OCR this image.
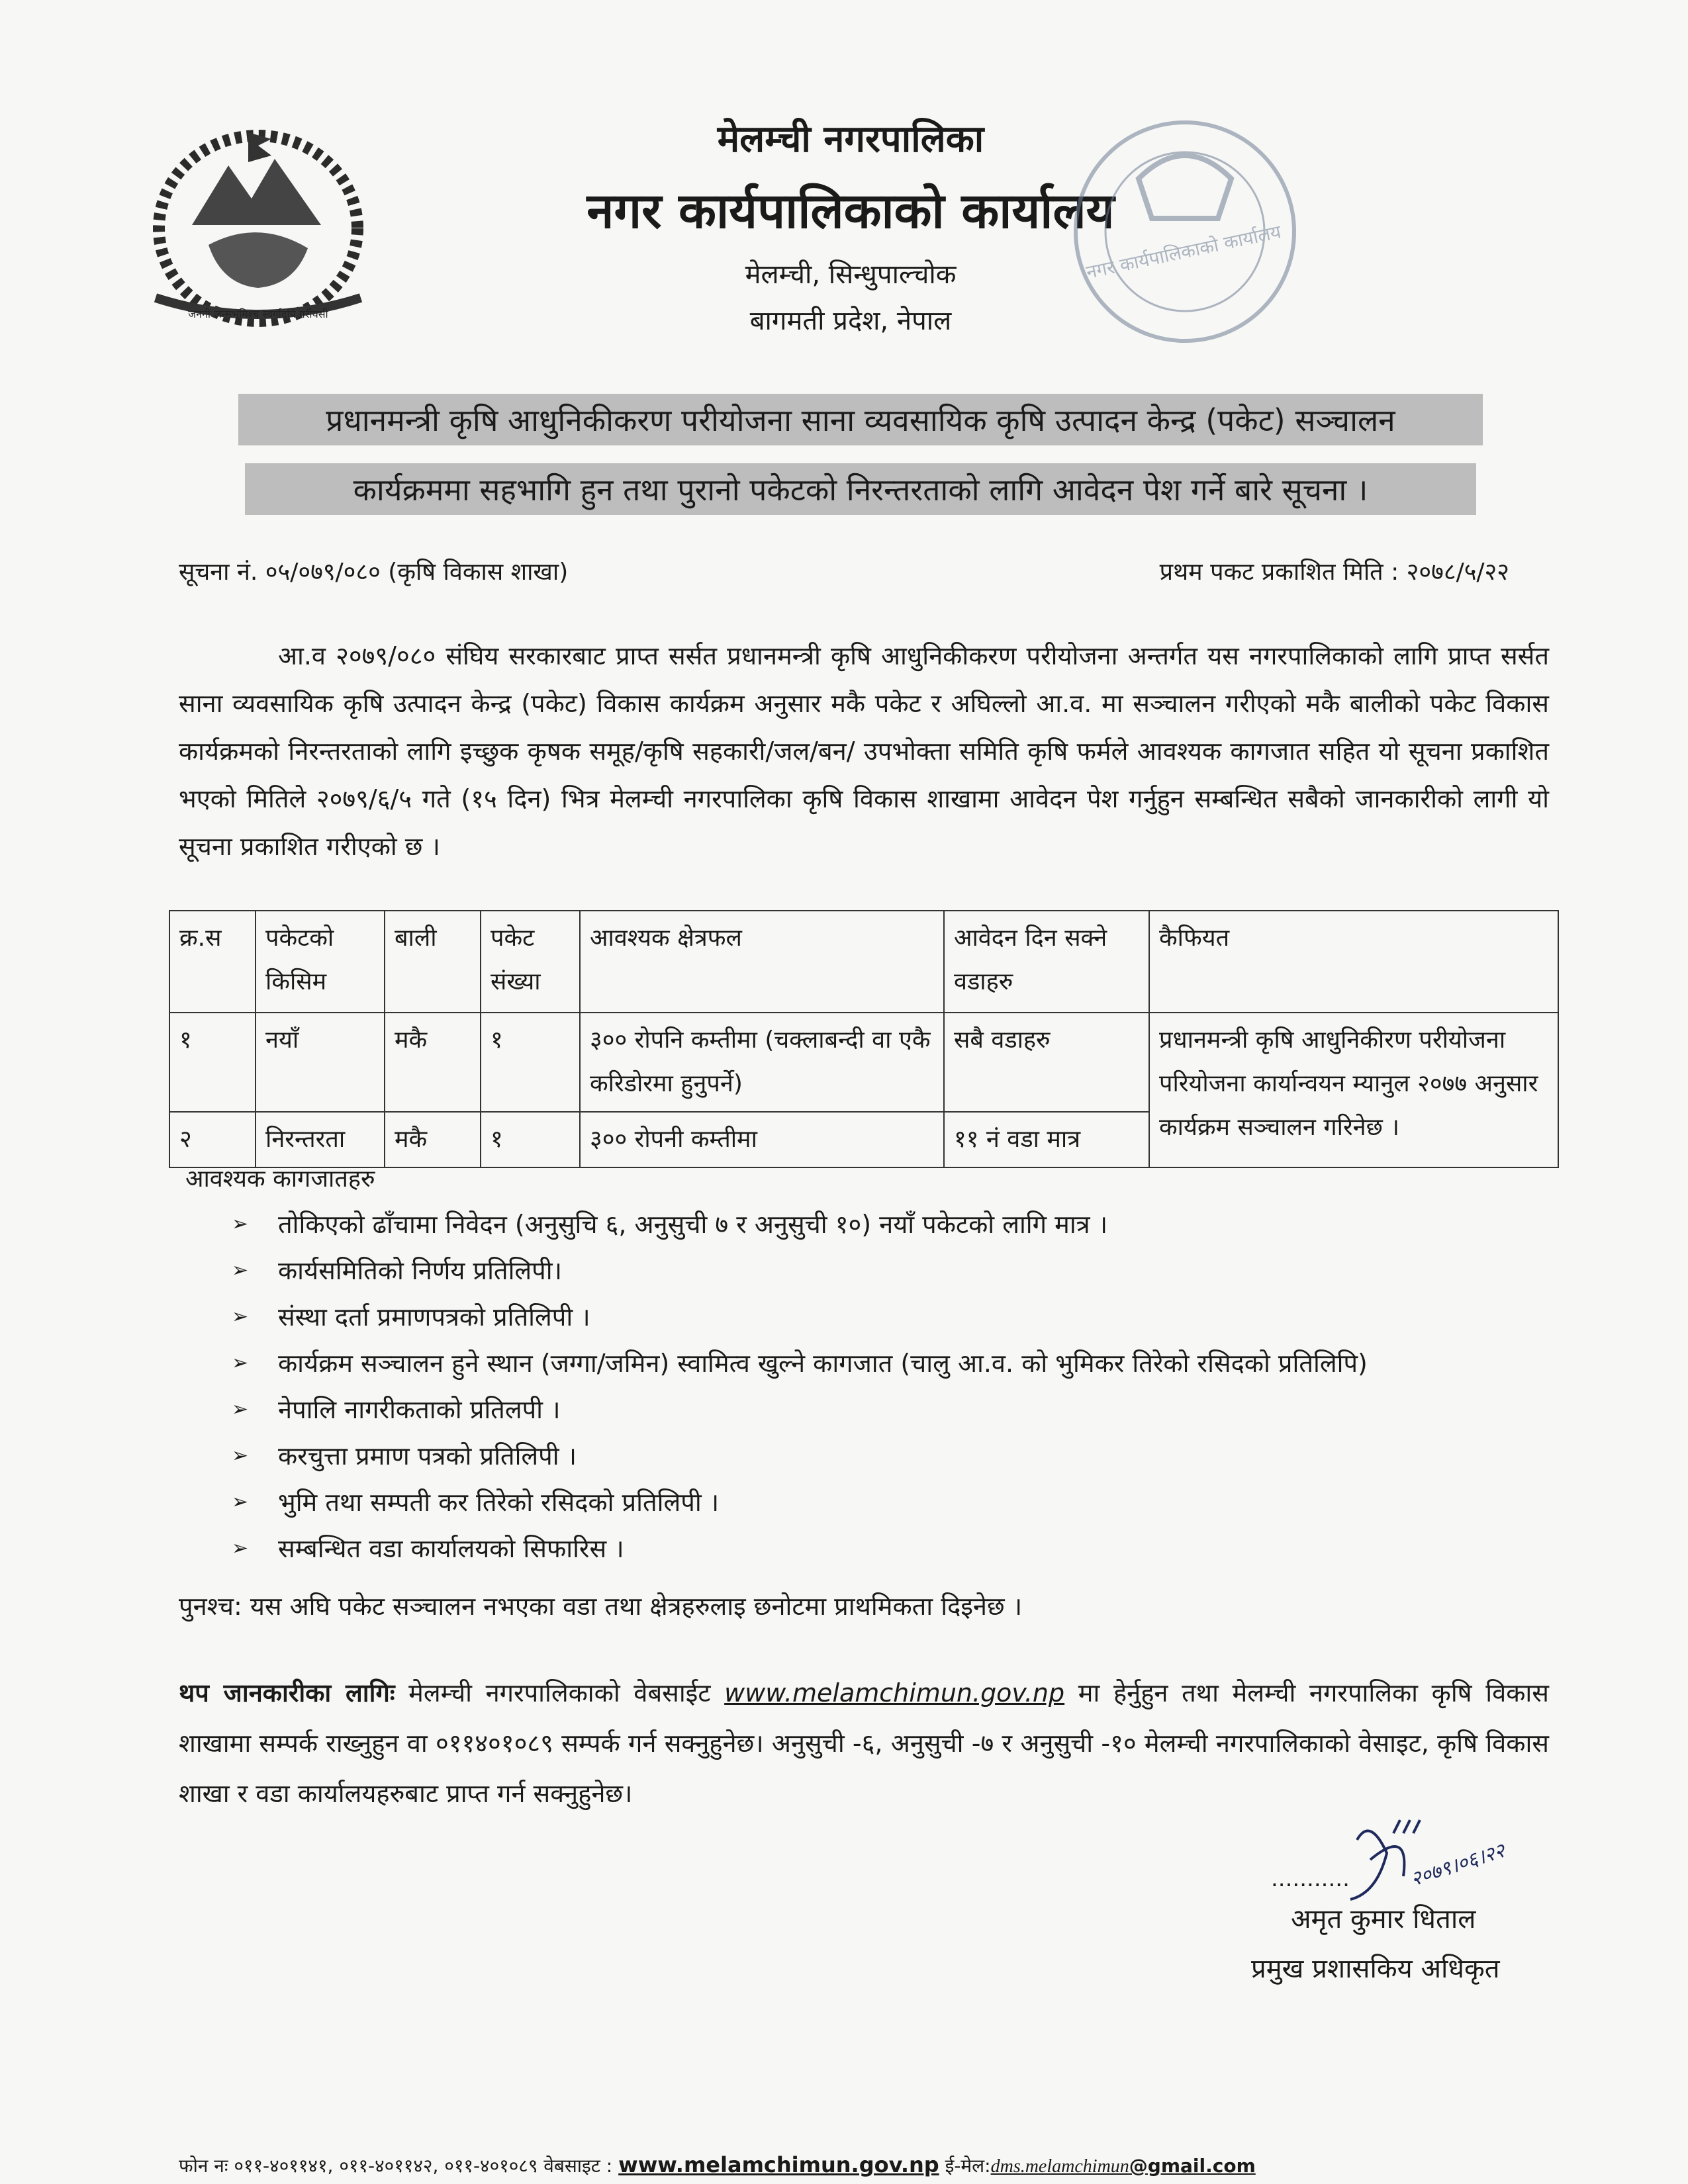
जननी जन्मभूमिश्च स्वर्गादपि गरीयसी
मेलम्ची नगरपालिका
नगर कार्यपालिकाको कार्यालय
मेलम्ची, सिन्धुपाल्चोक
बागमती प्रदेश, नेपाल
नगर कार्यपालिकाको कार्यालय
प्रधानमन्त्री कृषि आधुनिकीकरण परीयोजना साना व्यवसायिक कृषि उत्पादन केन्द्र (पकेट) सञ्चालन
कार्यक्रममा सहभागि हुन तथा पुरानो पकेटको निरन्तरताको लागि आवेदन पेश गर्ने बारे सूचना ।
सूचना नं. ०५/०७९/०८० (कृषि विकास शाखा)	प्रथम पकट प्रकाशित मिति : २०७८/५/२२
आ.व २०७९/०८० संघिय सरकारबाट प्राप्त सर्सत प्रधानमन्त्री कृषि आधुनिकीकरण परीयोजना अन्तर्गत यस नगरपालिकाको लागि प्राप्त सर्सत साना व्यवसायिक कृषि उत्पादन केन्द्र (पकेट) विकास कार्यक्रम अनुसार मकै पकेट र अघिल्लो आ.व. मा सञ्चालन गरीएको मकै बालीको पकेट विकास कार्यक्रमको निरन्तरताको लागि इच्छुक कृषक समूह/कृषि सहकारी/जल/बन/ उपभोक्ता समिति कृषि फर्मले आवश्यक कागजात सहित यो सूचना प्रकाशित भएको मितिले २०७९/६/५ गते (१५ दिन) भित्र मेलम्ची नगरपालिका कृषि विकास शाखामा आवेदन पेश गर्नुहुन सम्बन्धित सबैको जानकारीको लागी यो सूचना प्रकाशित गरीएको छ ।
क्र.स	पकेटको किसिम	बाली	पकेट संख्या	आवश्यक क्षेत्रफल	आवेदन दिन सक्ने वडाहरु	कैफियत
१	नयाँ	मकै	१	३०० रोपनि कम्तीमा (चक्लाबन्दी वा एकै करिडोरमा हुनुपर्ने)	सबै वडाहरु	प्रधानमन्त्री कृषि आधुनिकीरण परीयोजना परियोजना कार्यान्वयन म्यानुल २०७७ अनुसार कार्यक्रम सञ्चालन गरिनेछ ।
२	निरन्तरता	मकै	१	३०० रोपनी कम्तीमा	११ नं वडा मात्र	
आवश्यक कागजातहरु
➢	तोकिएको ढाँचामा निवेदन (अनुसुचि ६, अनुसुची ७ र अनुसुची १०) नयाँ पकेटको लागि मात्र ।
➢	कार्यसमितिको निर्णय प्रतिलिपी।
➢	संस्था दर्ता प्रमाणपत्रको प्रतिलिपी ।
➢	कार्यक्रम सञ्चालन हुने स्थान (जग्गा/जमिन) स्वामित्व खुल्ने कागजात (चालु आ.व. को भुमिकर तिरेको रसिदको प्रतिलिपि)
➢	नेपालि नागरीकताको प्रतिलपी ।
➢	करचुत्ता प्रमाण पत्रको प्रतिलिपी ।
➢	भुमि तथा सम्पती कर तिरेको रसिदको प्रतिलिपी ।
➢	सम्बन्धित वडा कार्यालयको सिफारिस ।
पुनश्च: यस अघि पकेट सञ्चालन नभएका वडा तथा क्षेत्रहरुलाइ छनोटमा प्राथमिकता दिइनेछ ।
थप जानकारीका लागिः मेलम्ची नगरपालिकाको वेबसाईट www.melamchimun.gov.np मा हेर्नुहुन तथा मेलम्ची नगरपालिका कृषि विकास शाखामा सम्पर्क राख्नुहुन वा ०११४०१०८९ सम्पर्क गर्न सक्नुहुनेछ। अनुसुची -६, अनुसुची -७ र अनुसुची -१० मेलम्ची नगरपालिकाको वेसाइट, कृषि विकास शाखा र वडा कार्यालयहरुबाट प्राप्त गर्न सक्नुहुनेछ।
...........	२०७९।०६।२२
अमृत कुमार धिताल
प्रमुख प्रशासकिय अधिकृत
फोन नः ०११-४०११४१, ०११-४०११४२, ०११-४०१०८९ वेबसाइट : www.melamchimun.gov.np ई-मेल:dms.melamchimun@gmail.com
